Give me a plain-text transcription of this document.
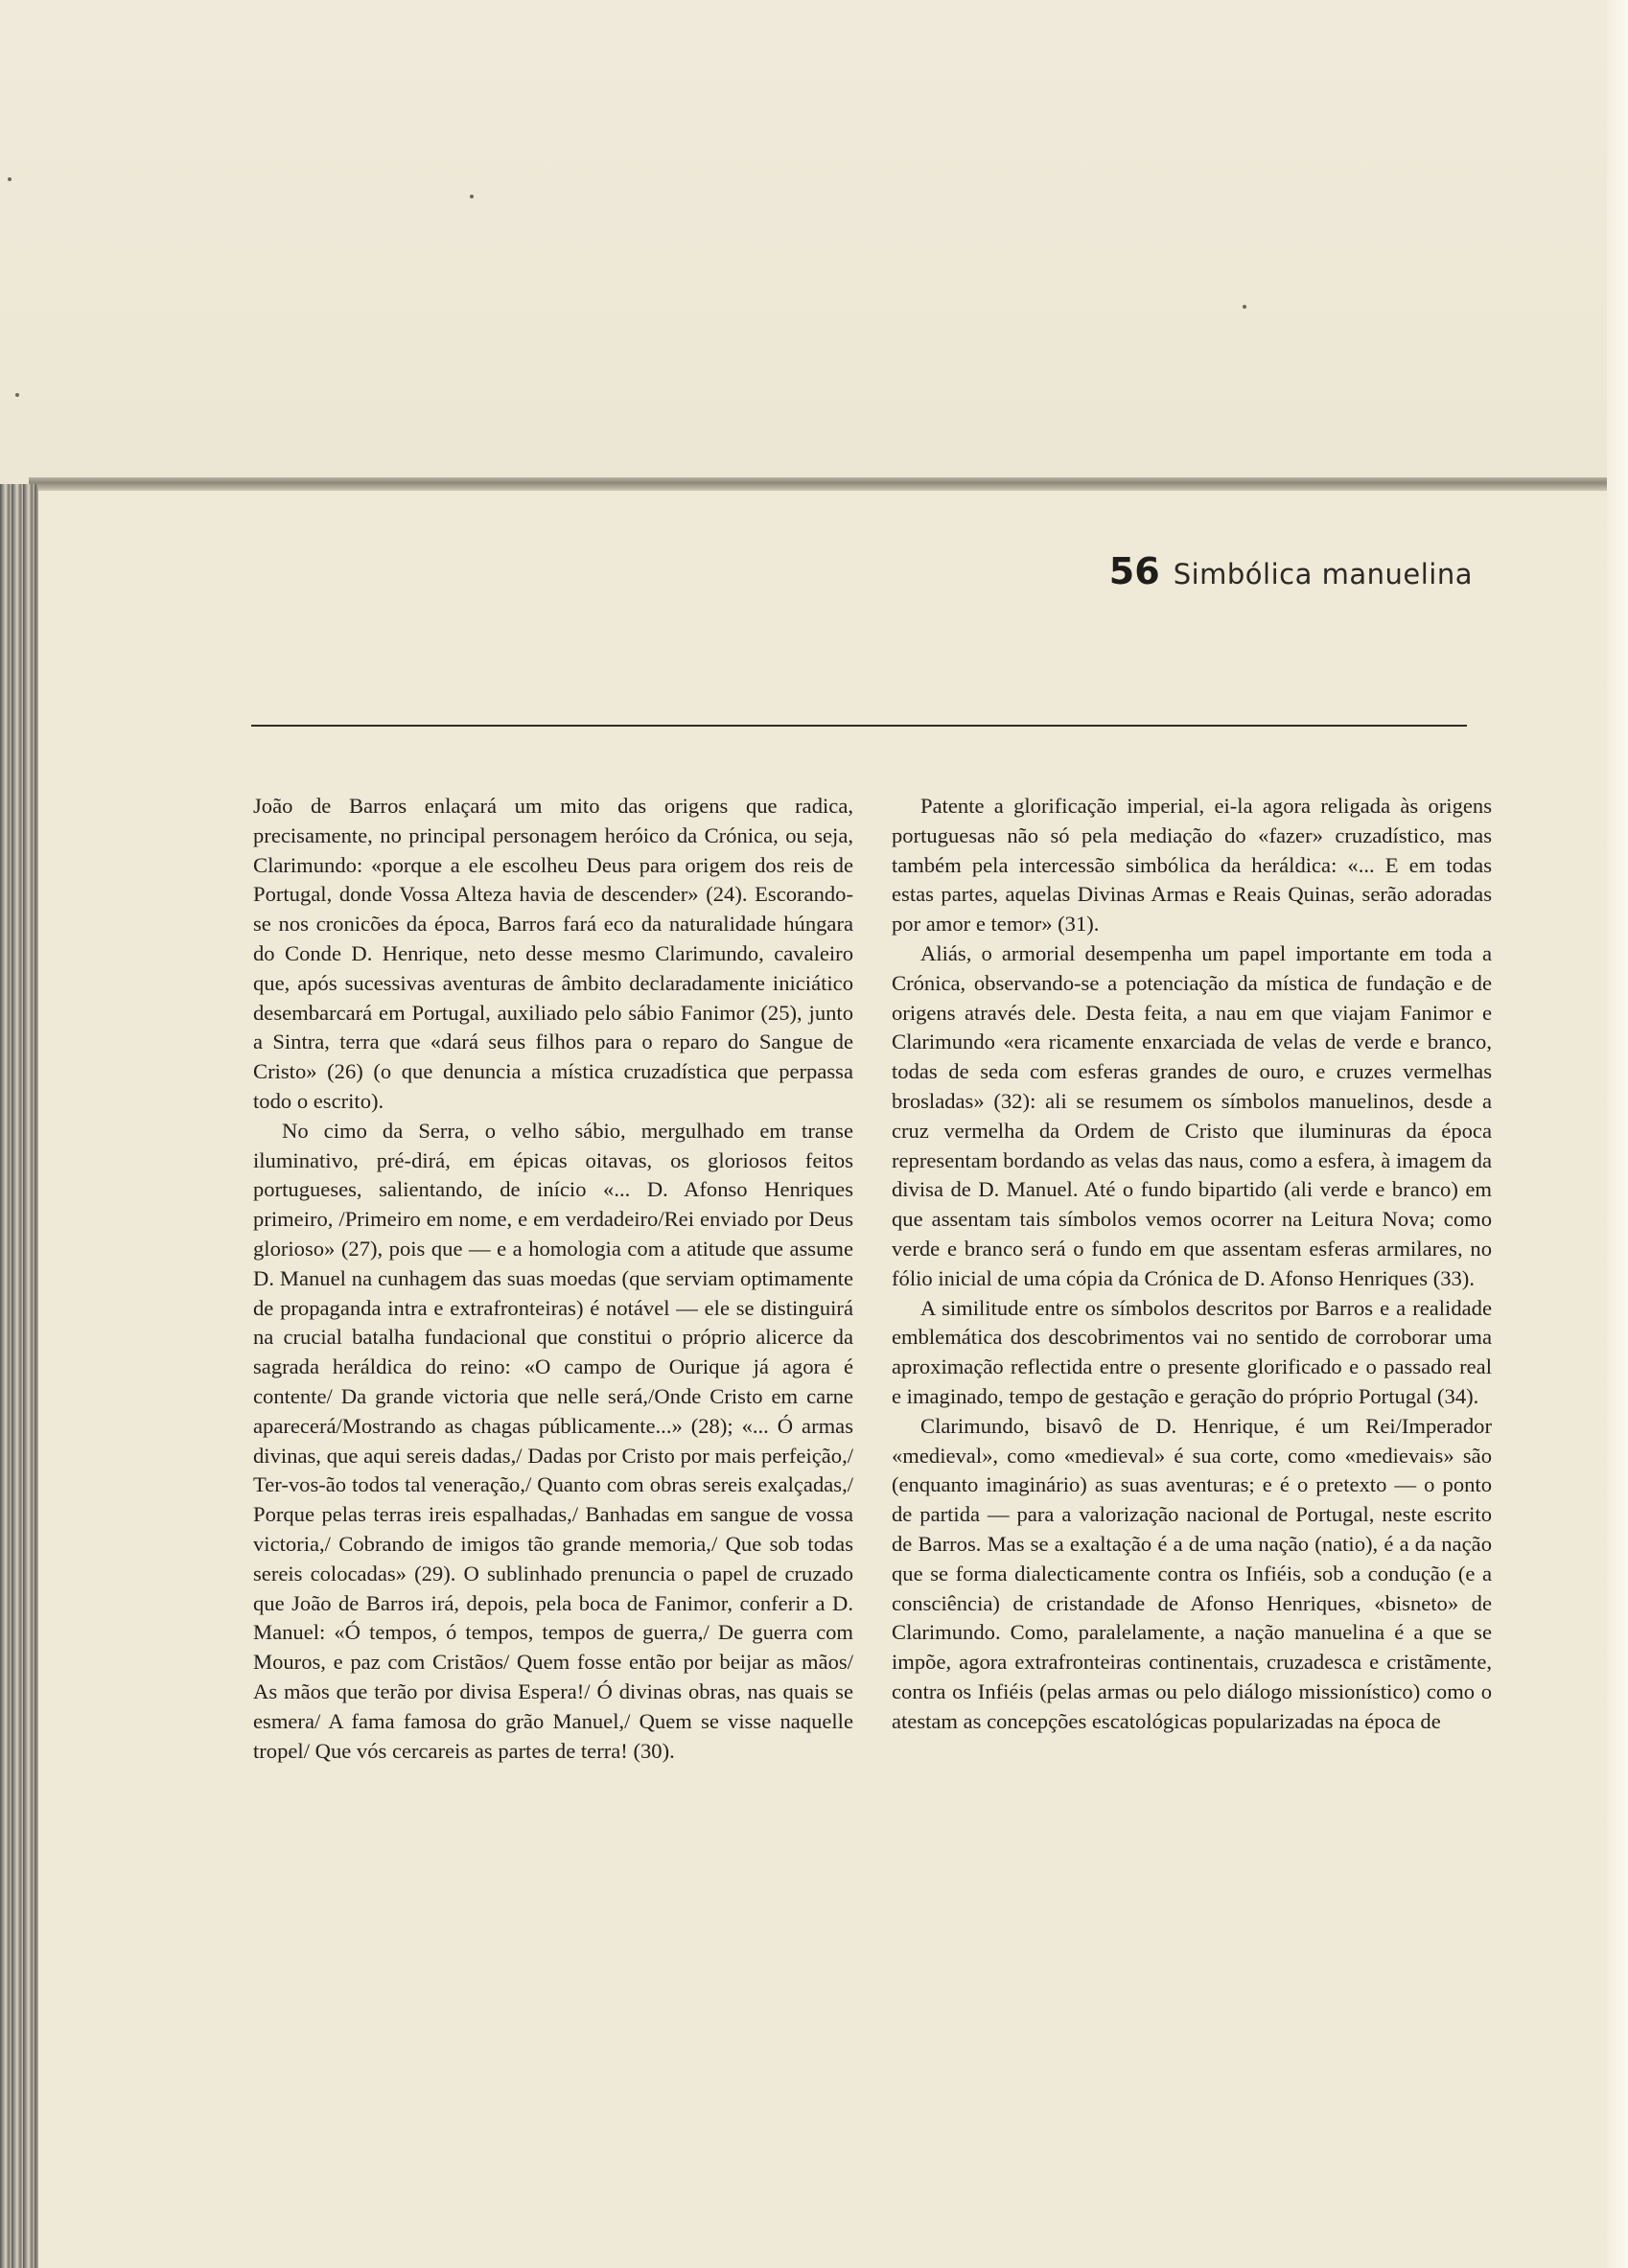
56 Simbólica manuelina

João de Barros enlaçará um mito das origens que radica, precisamente, no principal personagem heróico da Crónica, ou seja, Clarimundo: «porque a ele escolheu Deus para origem dos reis de Portugal, donde Vossa Alteza havia de descender» (24). Escorando-se nos cronicões da época, Barros fará eco da naturalidade húngara do Conde D. Henrique, neto desse mesmo Clarimundo, cavaleiro que, após sucessivas aventuras de âmbito declaradamente iniciático desembarcará em Portugal, auxiliado pelo sábio Fanimor (25), junto a Sintra, terra que «dará seus filhos para o reparo do Sangue de Cristo» (26) (o que denuncia a mística cruzadística que perpassa todo o escrito).

No cimo da Serra, o velho sábio, mergulhado em transe iluminativo, pré-dirá, em épicas oitavas, os gloriosos feitos portugueses, salientando, de início «... D. Afonso Henriques primeiro, /Primeiro em nome, e em verdadeiro/Rei enviado por Deus glorioso» (27), pois que — e a homologia com a atitude que assume D. Manuel na cunhagem das suas moedas (que serviam optimamente de propaganda intra e extrafronteiras) é notável — ele se distinguirá na crucial batalha fundacional que constitui o próprio alicerce da sagrada heráldica do reino: «O campo de Ourique já agora é contente/ Da grande victoria que nelle será,/Onde Cristo em carne aparecerá/Mostrando as chagas públicamente...» (28); «... Ó armas divinas, que aqui sereis dadas,/ Dadas por Cristo por mais perfeição,/ Ter-vos-ão todos tal veneração,/ Quanto com obras sereis exalçadas,/ Porque pelas terras ireis espalhadas,/ Banhadas em sangue de vossa victoria,/ Cobrando de imigos tão grande memoria,/ Que sob todas sereis colocadas» (29). O sublinhado prenuncia o papel de cruzado que João de Barros irá, depois, pela boca de Fanimor, conferir a D. Manuel: «Ó tempos, ó tempos, tempos de guerra,/ De guerra com Mouros, e paz com Cristãos/ Quem fosse então por beijar as mãos/ As mãos que terão por divisa Espera!/ Ó divinas obras, nas quais se esmera/ A fama famosa do grão Manuel,/ Quem se visse naquelle tropel/ Que vós cercareis as partes de terra! (30).

Patente a glorificação imperial, ei-la agora religada às origens portuguesas não só pela mediação do «fazer» cruzadístico, mas também pela intercessão simbólica da heráldica: «... E em todas estas partes, aquelas Divinas Armas e Reais Quinas, serão adoradas por amor e temor» (31).

Aliás, o armorial desempenha um papel importante em toda a Crónica, observando-se a potenciação da mística de fundação e de origens através dele. Desta feita, a nau em que viajam Fanimor e Clarimundo «era ricamente enxarciada de velas de verde e branco, todas de seda com esferas grandes de ouro, e cruzes vermelhas brosladas» (32): ali se resumem os símbolos manuelinos, desde a cruz vermelha da Ordem de Cristo que iluminuras da época representam bordando as velas das naus, como a esfera, à imagem da divisa de D. Manuel. Até o fundo bipartido (ali verde e branco) em que assentam tais símbolos vemos ocorrer na Leitura Nova; como verde e branco será o fundo em que assentam esferas armilares, no fólio inicial de uma cópia da Crónica de D. Afonso Henriques (33).

A similitude entre os símbolos descritos por Barros e a realidade emblemática dos descobrimentos vai no sentido de corroborar uma aproximação reflectida entre o presente glorificado e o passado real e imaginado, tempo de gestação e geração do próprio Portugal (34).

Clarimundo, bisavô de D. Henrique, é um Rei/Imperador «medieval», como «medieval» é sua corte, como «medievais» são (enquanto imaginário) as suas aventuras; e é o pretexto — o ponto de partida — para a valorização nacional de Portugal, neste escrito de Barros. Mas se a exaltação é a de uma nação (natio), é a da nação que se forma dialecticamente contra os Infiéis, sob a condução (e a consciência) de cristandade de Afonso Henriques, «bisneto» de Clarimundo. Como, paralelamente, a nação manuelina é a que se impõe, agora extrafronteiras continentais, cruzadesca e cristãmente, contra os Infiéis (pelas armas ou pelo diálogo missionístico) como o atestam as concepções escatológicas popularizadas na época de
